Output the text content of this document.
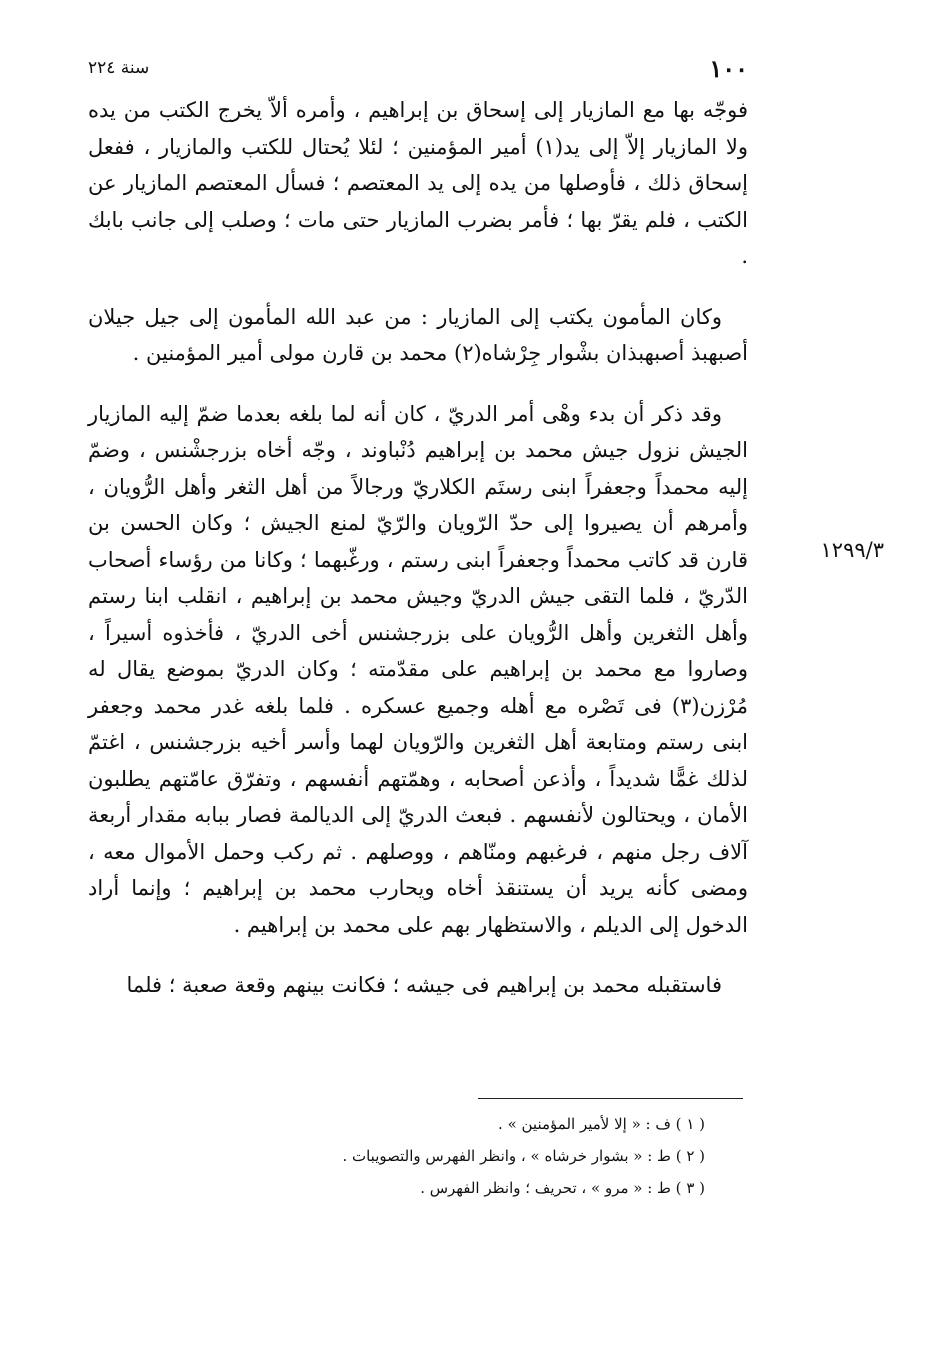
١٠٠
سنة ٢٢٤
١٢٩٩/٣

فوجّه بها مع المازيار إلى إسحاق بن إبراهيم ، وأمره ألاّ يخرج الكتب من يده ولا المازيار إلاّ إلى يد(١) أمير المؤمنين ؛ لئلا يُحتال للكتب والمازيار ، ففعل إسحاق ذلك ، فأوصلها من يده إلى يد المعتصم ؛ فسأل المعتصم المازيار عن الكتب ، فلم يقرّ بها ؛ فأمر بضرب المازيار حتى مات ؛ وصلب إلى جانب بابك .

وكان المأمون يكتب إلى المازيار : من عبد الله المأمون إلى جيل جيلان أصبهبذ أصبهبذان بشْوار جِرْشاه(٢) محمد بن قارن مولى أمير المؤمنين .

وقد ذكر أن بدء وهْى أمر الدريّ ، كان أنه لما بلغه بعدما ضمّ إليه المازيار الجيش نزول جيش محمد بن إبراهيم دُنْباوند ، وجّه أخاه بزرجشْنس ، وضمّ إليه محمداً وجعفراً ابنى رستَم الكلاريّ ورجالاً من أهل الثغر وأهل الرُّويان ، وأمرهم أن يصيروا إلى حدّ الرّويان والرّيّ لمنع الجيش ؛ وكان الحسن بن قارن قد كاتب محمداً وجعفراً ابنى رستم ، ورغّبهما ؛ وكانا من رؤساء أصحاب الدّريّ ، فلما التقى جيش الدريّ وجيش محمد بن إبراهيم ، انقلب ابنا رستم وأهل الثغرين وأهل الرُّويان على بزرجشنس أخى الدريّ ، فأخذوه أسيراً ، وصاروا مع محمد بن إبراهيم على مقدّمته ؛ وكان الدريّ بموضع يقال له مُرْزن(٣) فى تَصْره مع أهله وجميع عسكره . فلما بلغه غدر محمد وجعفر ابنى رستم ومتابعة أهل الثغرين والرّويان لهما وأسر أخيه بزرجشنس ، اغتمّ لذلك غمًّا شديداً ، وأذعن أصحابه ، وهمّتهم أنفسهم ، وتفرّق عامّتهم يطلبون الأمان ، ويحتالون لأنفسهم . فبعث الدريّ إلى الديالمة فصار ببابه مقدار أربعة آلاف رجل منهم ، فرغبهم ومنّاهم ، ووصلهم . ثم ركب وحمل الأموال معه ، ومضى كأنه يريد أن يستنقذ أخاه ويحارب محمد بن إبراهيم ؛ وإنما أراد الدخول إلى الديلم ، والاستظهار بهم على محمد بن إبراهيم .

فاستقبله محمد بن إبراهيم فى جيشه ؛ فكانت بينهم وقعة صعبة ؛ فلما

( ١ ) ف : « إلا لأمير المؤمنين » .

( ٢ ) ط : « بشوار خرشاه » ، وانظر الفهرس والتصويبات .

( ٣ ) ط : « مرو » ، تحريف ؛ وانظر الفهرس .
